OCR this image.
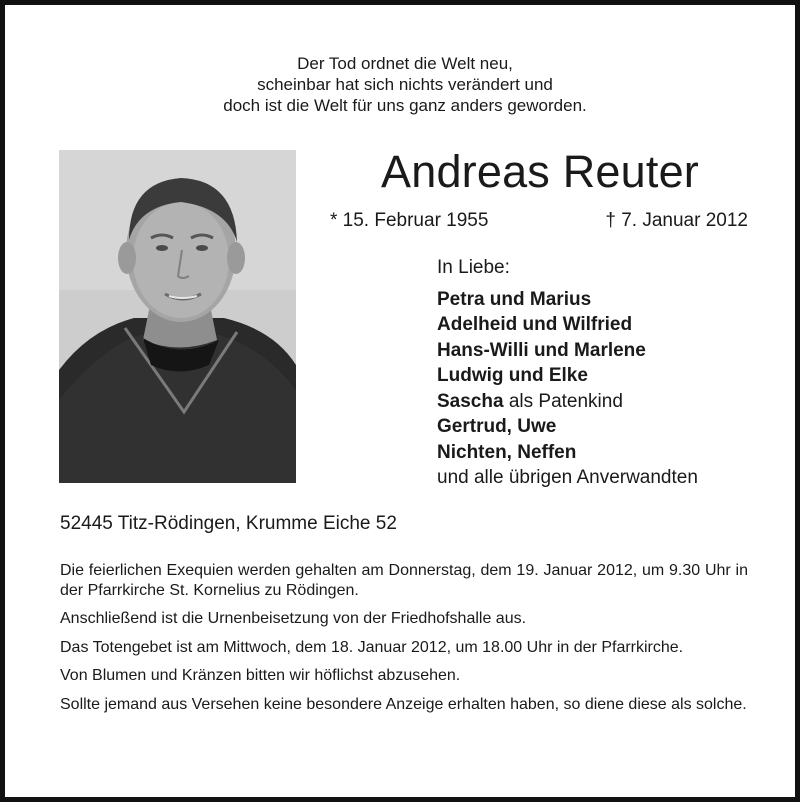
Der Tod ordnet die Welt neu,
scheinbar hat sich nichts verändert und
doch ist die Welt für uns ganz anders geworden.
Andreas Reuter
* 15. Februar 1955	† 7. Januar 2012
In Liebe:
Petra und Marius
Adelheid und Wilfried
Hans-Willi und Marlene
Ludwig und Elke
Sascha als Patenkind
Gertrud, Uwe
Nichten, Neffen
und alle übrigen Anverwandten
52445 Titz-Rödingen, Krumme Eiche 52

Die feierlichen Exequien werden gehalten am Donnerstag, dem 19. Januar 2012, um 9.30 Uhr in der Pfarrkirche St. Kornelius zu Rödingen.

Anschließend ist die Urnenbeisetzung von der Friedhofshalle aus.

Das Totengebet ist am Mittwoch, dem 18. Januar 2012, um 18.00 Uhr in der Pfarrkirche.

Von Blumen und Kränzen bitten wir höflichst abzusehen.

Sollte jemand aus Versehen keine besondere Anzeige erhalten haben, so diene diese als solche.
